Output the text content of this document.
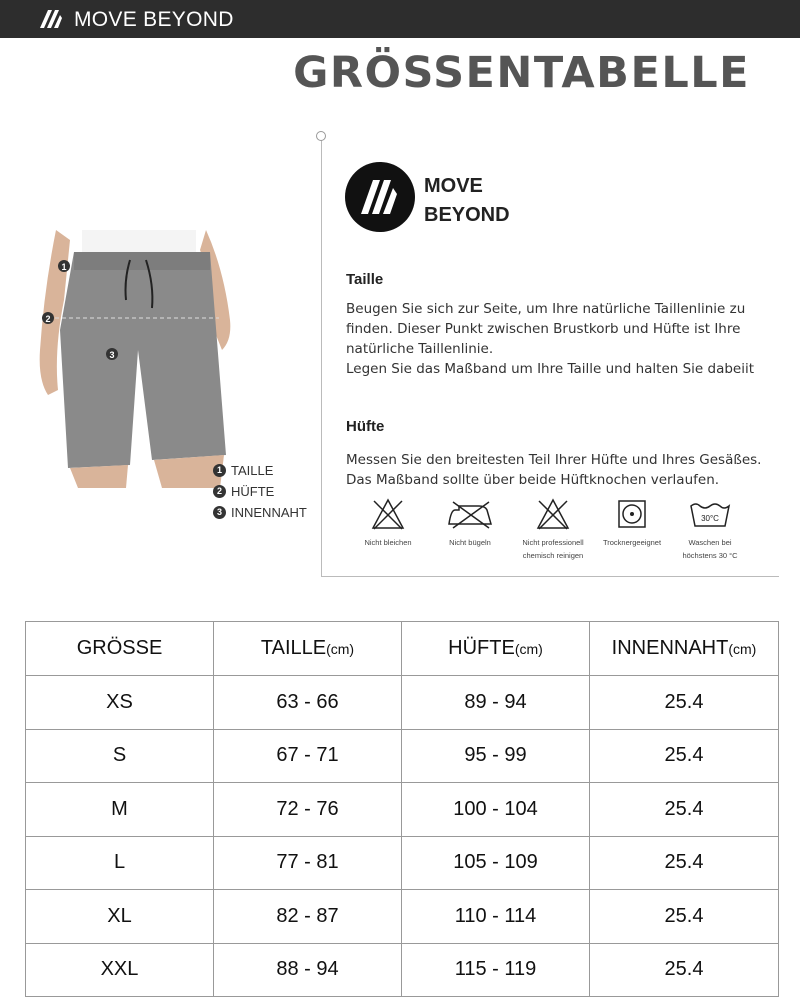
MOVE BEYOND
GRÖSSENTABELLE
1
2
3
1 TAILLE
2 HÜFTE
3 INNENNAHT
MOVE
BEYOND
Taille

Beugen Sie sich zur Seite, um Ihre natürliche Taillenlinie zu

finden. Dieser Punkt zwischen Brustkorb und Hüfte ist Ihre

natürliche Taillenlinie.

Legen Sie das Maßband um Ihre Taille und halten Sie dabeiit

Hüfte

Messen Sie den breitesten Teil Ihrer Hüfte und Ihres Gesäßes.

Das Maßband sollte über beide Hüftknochen verlaufen.

Nicht bleichen	Nicht bügeln	Nicht professionell
chemisch reinigen
Trocknergeeignet
30°C
Waschen bei
höchstens 30 °C
GRÖSSE	TAILLE(cm)	HÜFTE(cm)	INNENNAHT(cm)
XS	63 - 66	89 - 94	25.4
S	67 - 71	95 - 99	25.4
M	72 - 76	100 - 104	25.4
L	77 - 81	105 - 109	25.4
XL	82 - 87	110 - 114	25.4
XXL	88 - 94	115 - 119	25.4
